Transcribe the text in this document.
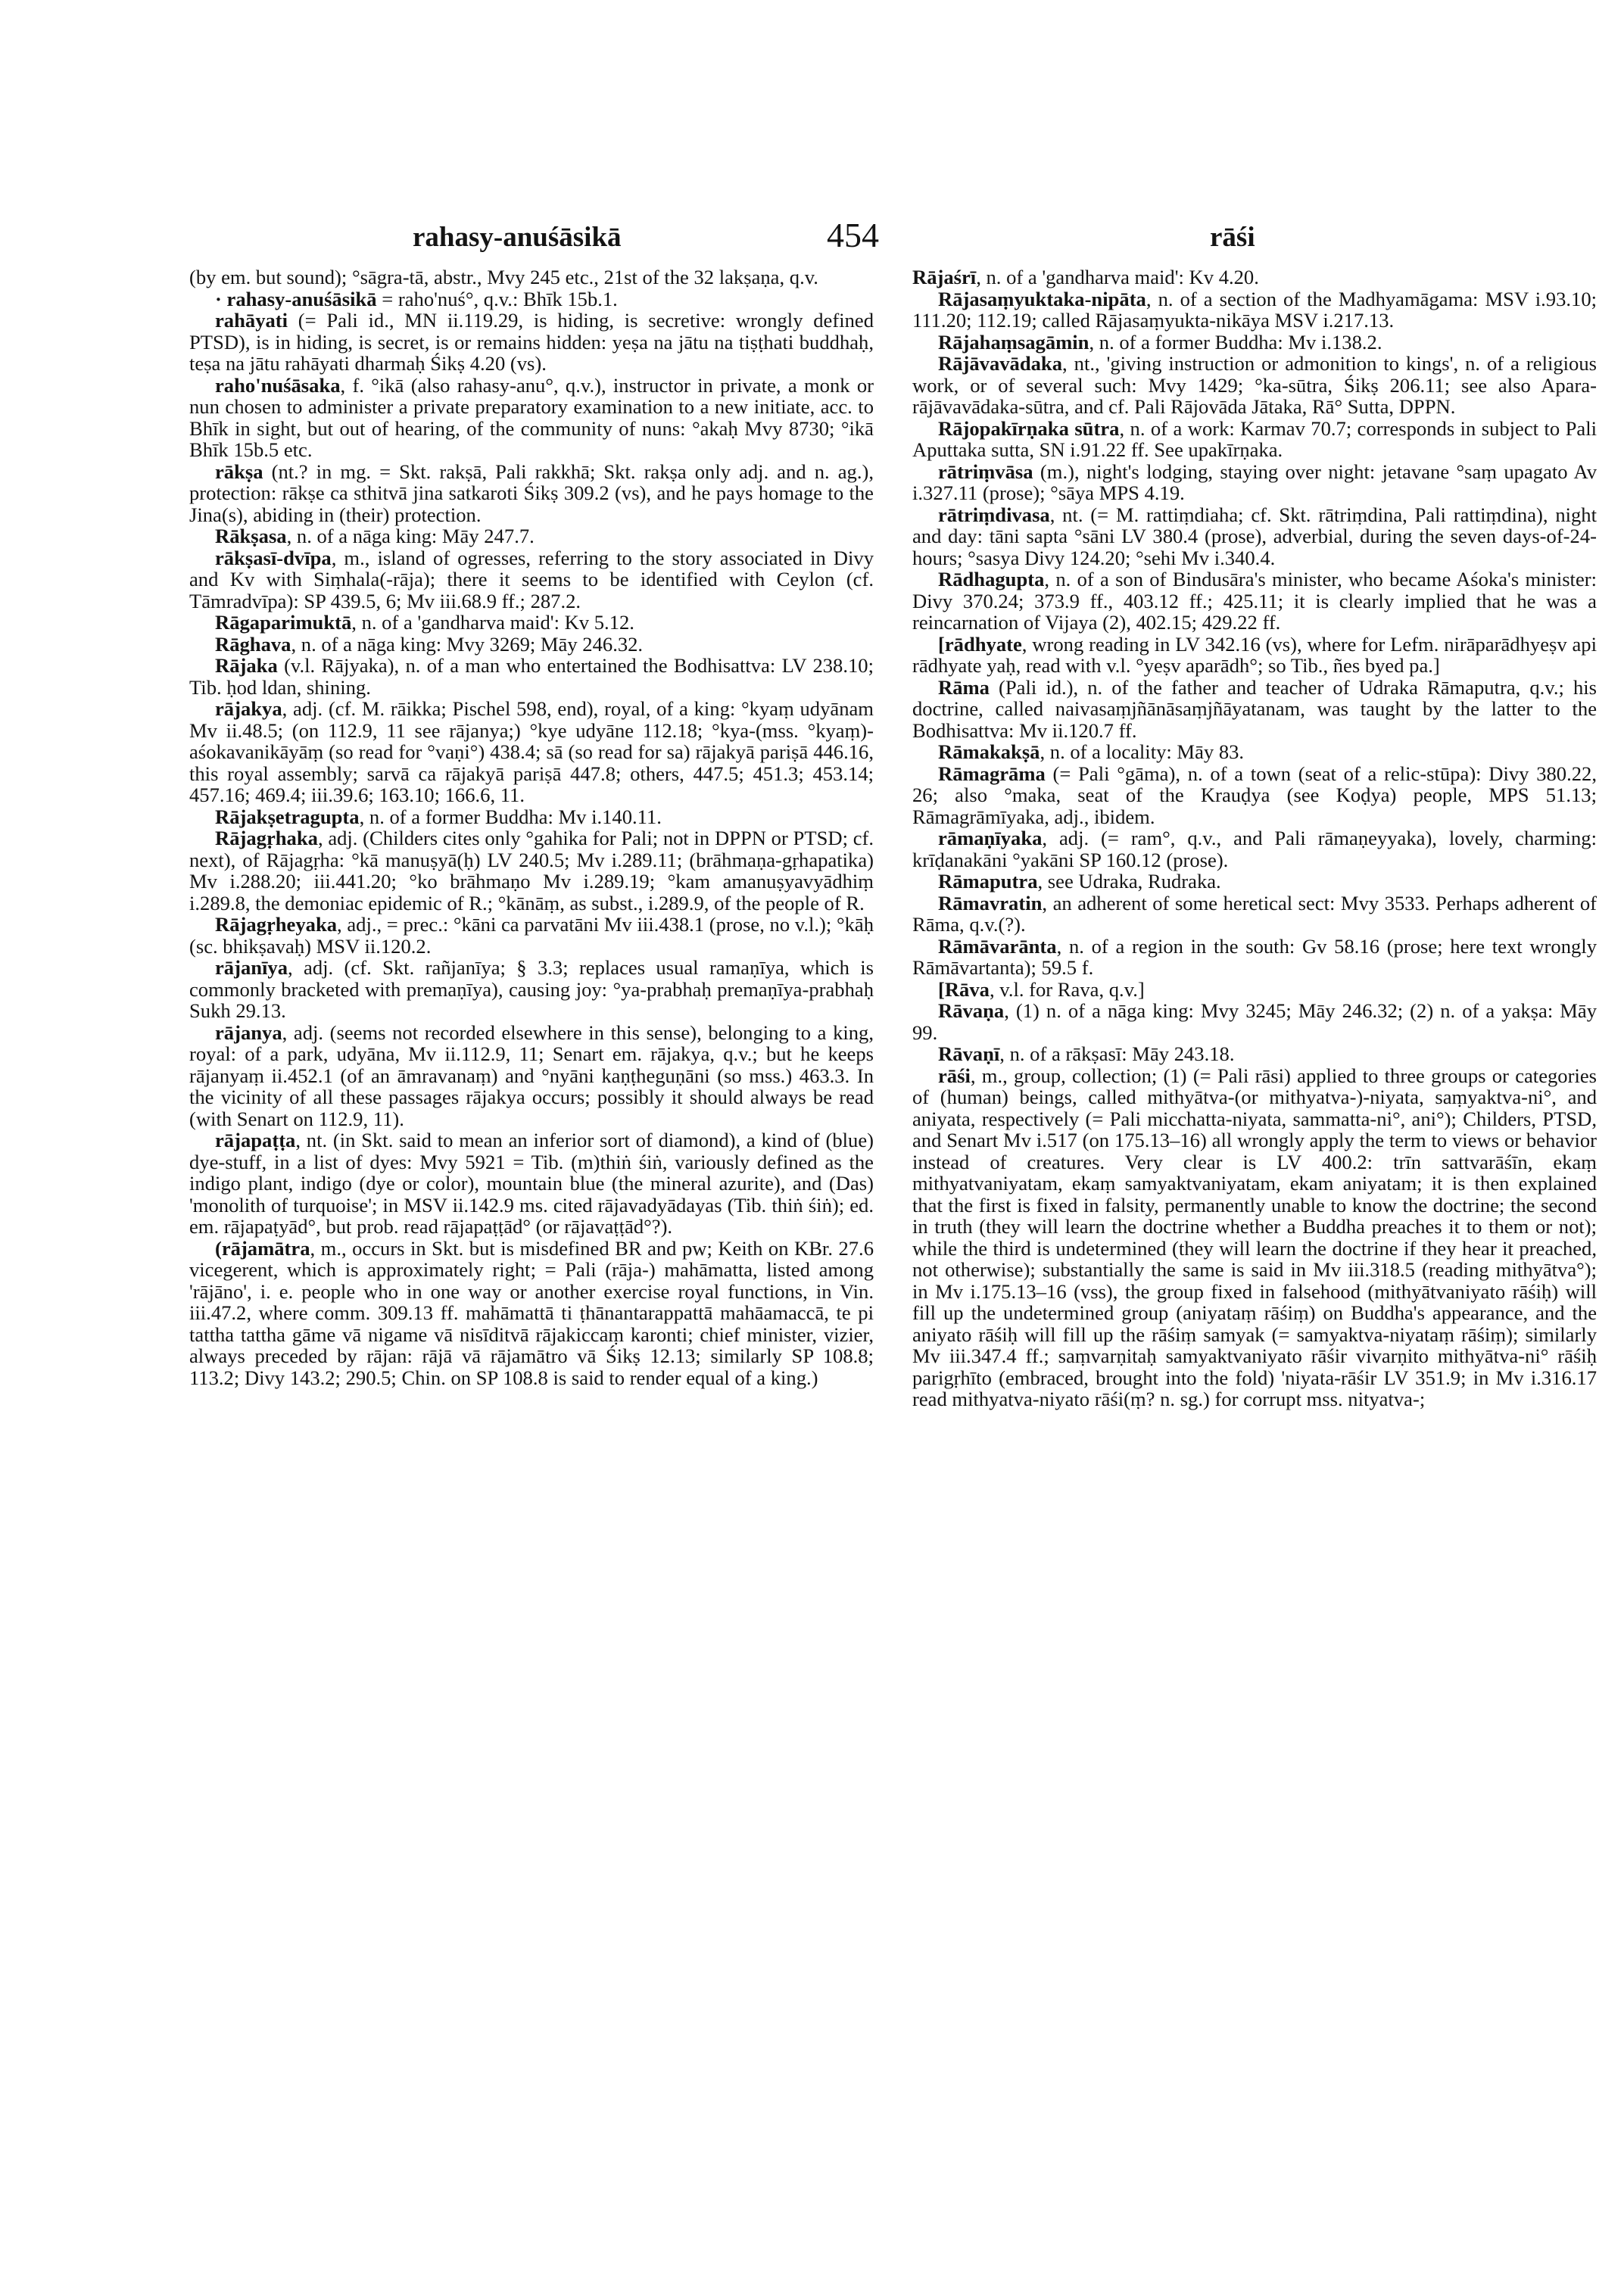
rahasy-anuśāsikā	454	rāśi

(by em. but sound); °sāgra-tā, abstr., Mvy 245 etc., 21st of the 32 lakṣaṇa, q.v.

· rahasy-anuśāsikā = raho'nuś°, q.v.: Bhīk 15b.1.

rahāyati (= Pali id., MN ii.119.29, is hiding, is secretive: wrongly defined PTSD), is in hiding, is secret, is or remains hidden: yeṣa na jātu na tiṣṭhati buddhaḥ, teṣa na jātu rahāyati dharmaḥ Śikṣ 4.20 (vs).

raho'nuśāsaka, f. °ikā (also rahasy-anu°, q.v.), instructor in private, a monk or nun chosen to administer a private preparatory examination to a new initiate, acc. to Bhīk in sight, but out of hearing, of the community of nuns: °akaḥ Mvy 8730; °ikā Bhīk 15b.5 etc.

rākṣa (nt.? in mg. = Skt. rakṣā, Pali rakkhā; Skt. rakṣa only adj. and n. ag.), protection: rākṣe ca sthitvā jina satkaroti Śikṣ 309.2 (vs), and he pays homage to the Jina(s), abiding in (their) protection.

Rākṣasa, n. of a nāga king: Māy 247.7.

rākṣasī-dvīpa, m., island of ogresses, referring to the story associated in Divy and Kv with Siṃhala(-rāja); there it seems to be identified with Ceylon (cf. Tāmradvīpa): SP 439.5, 6; Mv iii.68.9 ff.; 287.2.

Rāgaparimuktā, n. of a 'gandharva maid': Kv 5.12.

Rāghava, n. of a nāga king: Mvy 3269; Māy 246.32.

Rājaka (v.l. Rājyaka), n. of a man who entertained the Bodhisattva: LV 238.10; Tib. ḥod ldan, shining.

rājakya, adj. (cf. M. rāikka; Pischel 598, end), royal, of a king: °kyaṃ udyānam Mv ii.48.5; (on 112.9, 11 see rājanya;) °kye udyāne 112.18; °kya-(mss. °kyaṃ)-aśokavanikāyāṃ (so read for °vaṇi°) 438.4; sā (so read for sa) rājakyā pariṣā 446.16, this royal assembly; sarvā ca rājakyā pariṣā 447.8; others, 447.5; 451.3; 453.14; 457.16; 469.4; iii.39.6; 163.10; 166.6, 11.

Rājakṣetragupta, n. of a former Buddha: Mv i.140.11.

Rājagṛhaka, adj. (Childers cites only °gahika for Pali; not in DPPN or PTSD; cf. next), of Rājagṛha: °kā manuṣyā(ḥ) LV 240.5; Mv i.289.11; (brāhmaṇa-gṛhapatika) Mv i.288.20; iii.441.20; °ko brāhmaṇo Mv i.289.19; °kam amanuṣyavyādhiṃ i.289.8, the demoniac epidemic of R.; °kānāṃ, as subst., i.289.9, of the people of R.

Rājagṛheyaka, adj., = prec.: °kāni ca parvatāni Mv iii.438.1 (prose, no v.l.); °kāḥ (sc. bhikṣavaḥ) MSV ii.120.2.

rājanīya, adj. (cf. Skt. rañjanīya; § 3.3; replaces usual ramaṇīya, which is commonly bracketed with premaṇīya), causing joy: °ya-prabhaḥ premaṇīya-prabhaḥ Sukh 29.13.

rājanya, adj. (seems not recorded elsewhere in this sense), belonging to a king, royal: of a park, udyāna, Mv ii.112.9, 11; Senart em. rājakya, q.v.; but he keeps rājanyaṃ ii.452.1 (of an āmravanaṃ) and °nyāni kaṇṭheguṇāni (so mss.) 463.3. In the vicinity of all these passages rājakya occurs; possibly it should always be read (with Senart on 112.9, 11).

rājapaṭṭa, nt. (in Skt. said to mean an inferior sort of diamond), a kind of (blue) dye-stuff, in a list of dyes: Mvy 5921 = Tib. (m)thiṅ śiṅ, variously defined as the indigo plant, indigo (dye or color), mountain blue (the mineral azurite), and (Das) 'monolith of turquoise'; in MSV ii.142.9 ms. cited rājavadyādayas (Tib. thiṅ śiṅ); ed. em. rājapaṭyād°, but prob. read rājapaṭṭād° (or rājavaṭṭād°?).

(rājamātra, m., occurs in Skt. but is misdefined BR and pw; Keith on KBr. 27.6 vicegerent, which is approximately right; = Pali (rāja-) mahāmatta, listed among 'rājāno', i. e. people who in one way or another exercise royal functions, in Vin. iii.47.2, where comm. 309.13 ff. mahāmattā ti ṭhānantarappattā mahāamaccā, te pi tattha tattha gāme vā nigame vā nisīditvā rājakiccaṃ karonti; chief minister, vizier, always preceded by rājan: rājā vā rājamātro vā Śikṣ 12.13; similarly SP 108.8; 113.2; Divy 143.2; 290.5; Chin. on SP 108.8 is said to render equal of a king.)

Rājaśrī, n. of a 'gandharva maid': Kv 4.20.

Rājasaṃyuktaka-nipāta, n. of a section of the Madhyamāgama: MSV i.93.10; 111.20; 112.19; called Rājasaṃyukta-nikāya MSV i.217.13.

Rājahaṃsagāmin, n. of a former Buddha: Mv i.138.2.

Rājāvavādaka, nt., 'giving instruction or admonition to kings', n. of a religious work, or of several such: Mvy 1429; °ka-sūtra, Śikṣ 206.11; see also Apara-rājāvavādaka-sūtra, and cf. Pali Rājovāda Jātaka, Rā° Sutta, DPPN.

Rājopakīrṇaka sūtra, n. of a work: Karmav 70.7; corresponds in subject to Pali Aputtaka sutta, SN i.91.22 ff. See upakīrṇaka.

rātriṃvāsa (m.), night's lodging, staying over night: jetavane °saṃ upagato Av i.327.11 (prose); °sāya MPS 4.19.

rātriṃdivasa, nt. (= M. rattiṃdiaha; cf. Skt. rātriṃdina, Pali rattiṃdina), night and day: tāni sapta °sāni LV 380.4 (prose), adverbial, during the seven days-of-24-hours; °sasya Divy 124.20; °sehi Mv i.340.4.

Rādhagupta, n. of a son of Bindusāra's minister, who became Aśoka's minister: Divy 370.24; 373.9 ff., 403.12 ff.; 425.11; it is clearly implied that he was a reincarnation of Vijaya (2), 402.15; 429.22 ff.

[rādhyate, wrong reading in LV 342.16 (vs), where for Lefm. nirāparādhyeṣv api rādhyate yaḥ, read with v.l. °yeṣv aparādh°; so Tib., ñes byed pa.]

Rāma (Pali id.), n. of the father and teacher of Udraka Rāmaputra, q.v.; his doctrine, called naivasaṃjñānāsaṃjñāyatanam, was taught by the latter to the Bodhisattva: Mv ii.120.7 ff.

Rāmakakṣā, n. of a locality: Māy 83.

Rāmagrāma (= Pali °gāma), n. of a town (seat of a relic-stūpa): Divy 380.22, 26; also °maka, seat of the Krauḍya (see Koḍya) people, MPS 51.13; Rāmagrāmīyaka, adj., ibidem.

rāmaṇīyaka, adj. (= ram°, q.v., and Pali rāmaṇeyyaka), lovely, charming: krīḍanakāni °yakāni SP 160.12 (prose).

Rāmaputra, see Udraka, Rudraka.

Rāmavratin, an adherent of some heretical sect: Mvy 3533. Perhaps adherent of Rāma, q.v.(?).

Rāmāvarānta, n. of a region in the south: Gv 58.16 (prose; here text wrongly Rāmāvartanta); 59.5 f.

[Rāva, v.l. for Rava, q.v.]

Rāvaṇa, (1) n. of a nāga king: Mvy 3245; Māy 246.32; (2) n. of a yakṣa: Māy 99.

Rāvaṇī, n. of a rākṣasī: Māy 243.18.

rāśi, m., group, collection; (1) (= Pali rāsi) applied to three groups or categories of (human) beings, called mithyātva-(or mithyatva-)-niyata, saṃyaktva-ni°, and aniyata, respectively (= Pali micchatta-niyata, sammatta-ni°, ani°); Childers, PTSD, and Senart Mv i.517 (on 175.13–16) all wrongly apply the term to views or behavior instead of creatures. Very clear is LV 400.2: trīn sattvarāśīn, ekaṃ mithyatvaniyatam, ekaṃ samyaktvaniyatam, ekam aniyatam; it is then explained that the first is fixed in falsity, permanently unable to know the doctrine; the second in truth (they will learn the doctrine whether a Buddha preaches it to them or not); while the third is undetermined (they will learn the doctrine if they hear it preached, not otherwise); substantially the same is said in Mv iii.318.5 (reading mithyātva°); in Mv i.175.13–16 (vss), the group fixed in falsehood (mithyātvaniyato rāśiḥ) will fill up the undetermined group (aniyataṃ rāśiṃ) on Buddha's appearance, and the aniyato rāśiḥ will fill up the rāśiṃ samyak (= samyaktva-niyataṃ rāśiṃ); similarly Mv iii.347.4 ff.; saṃvarṇitaḥ samyaktvaniyato rāśir vivarṇito mithyātva-ni° rāśiḥ parigṛhīto (embraced, brought into the fold) 'niyata-rāśir LV 351.9; in Mv i.316.17 read mithyatva-niyato rāśi(ṃ? n. sg.) for corrupt mss. nityatva-;
